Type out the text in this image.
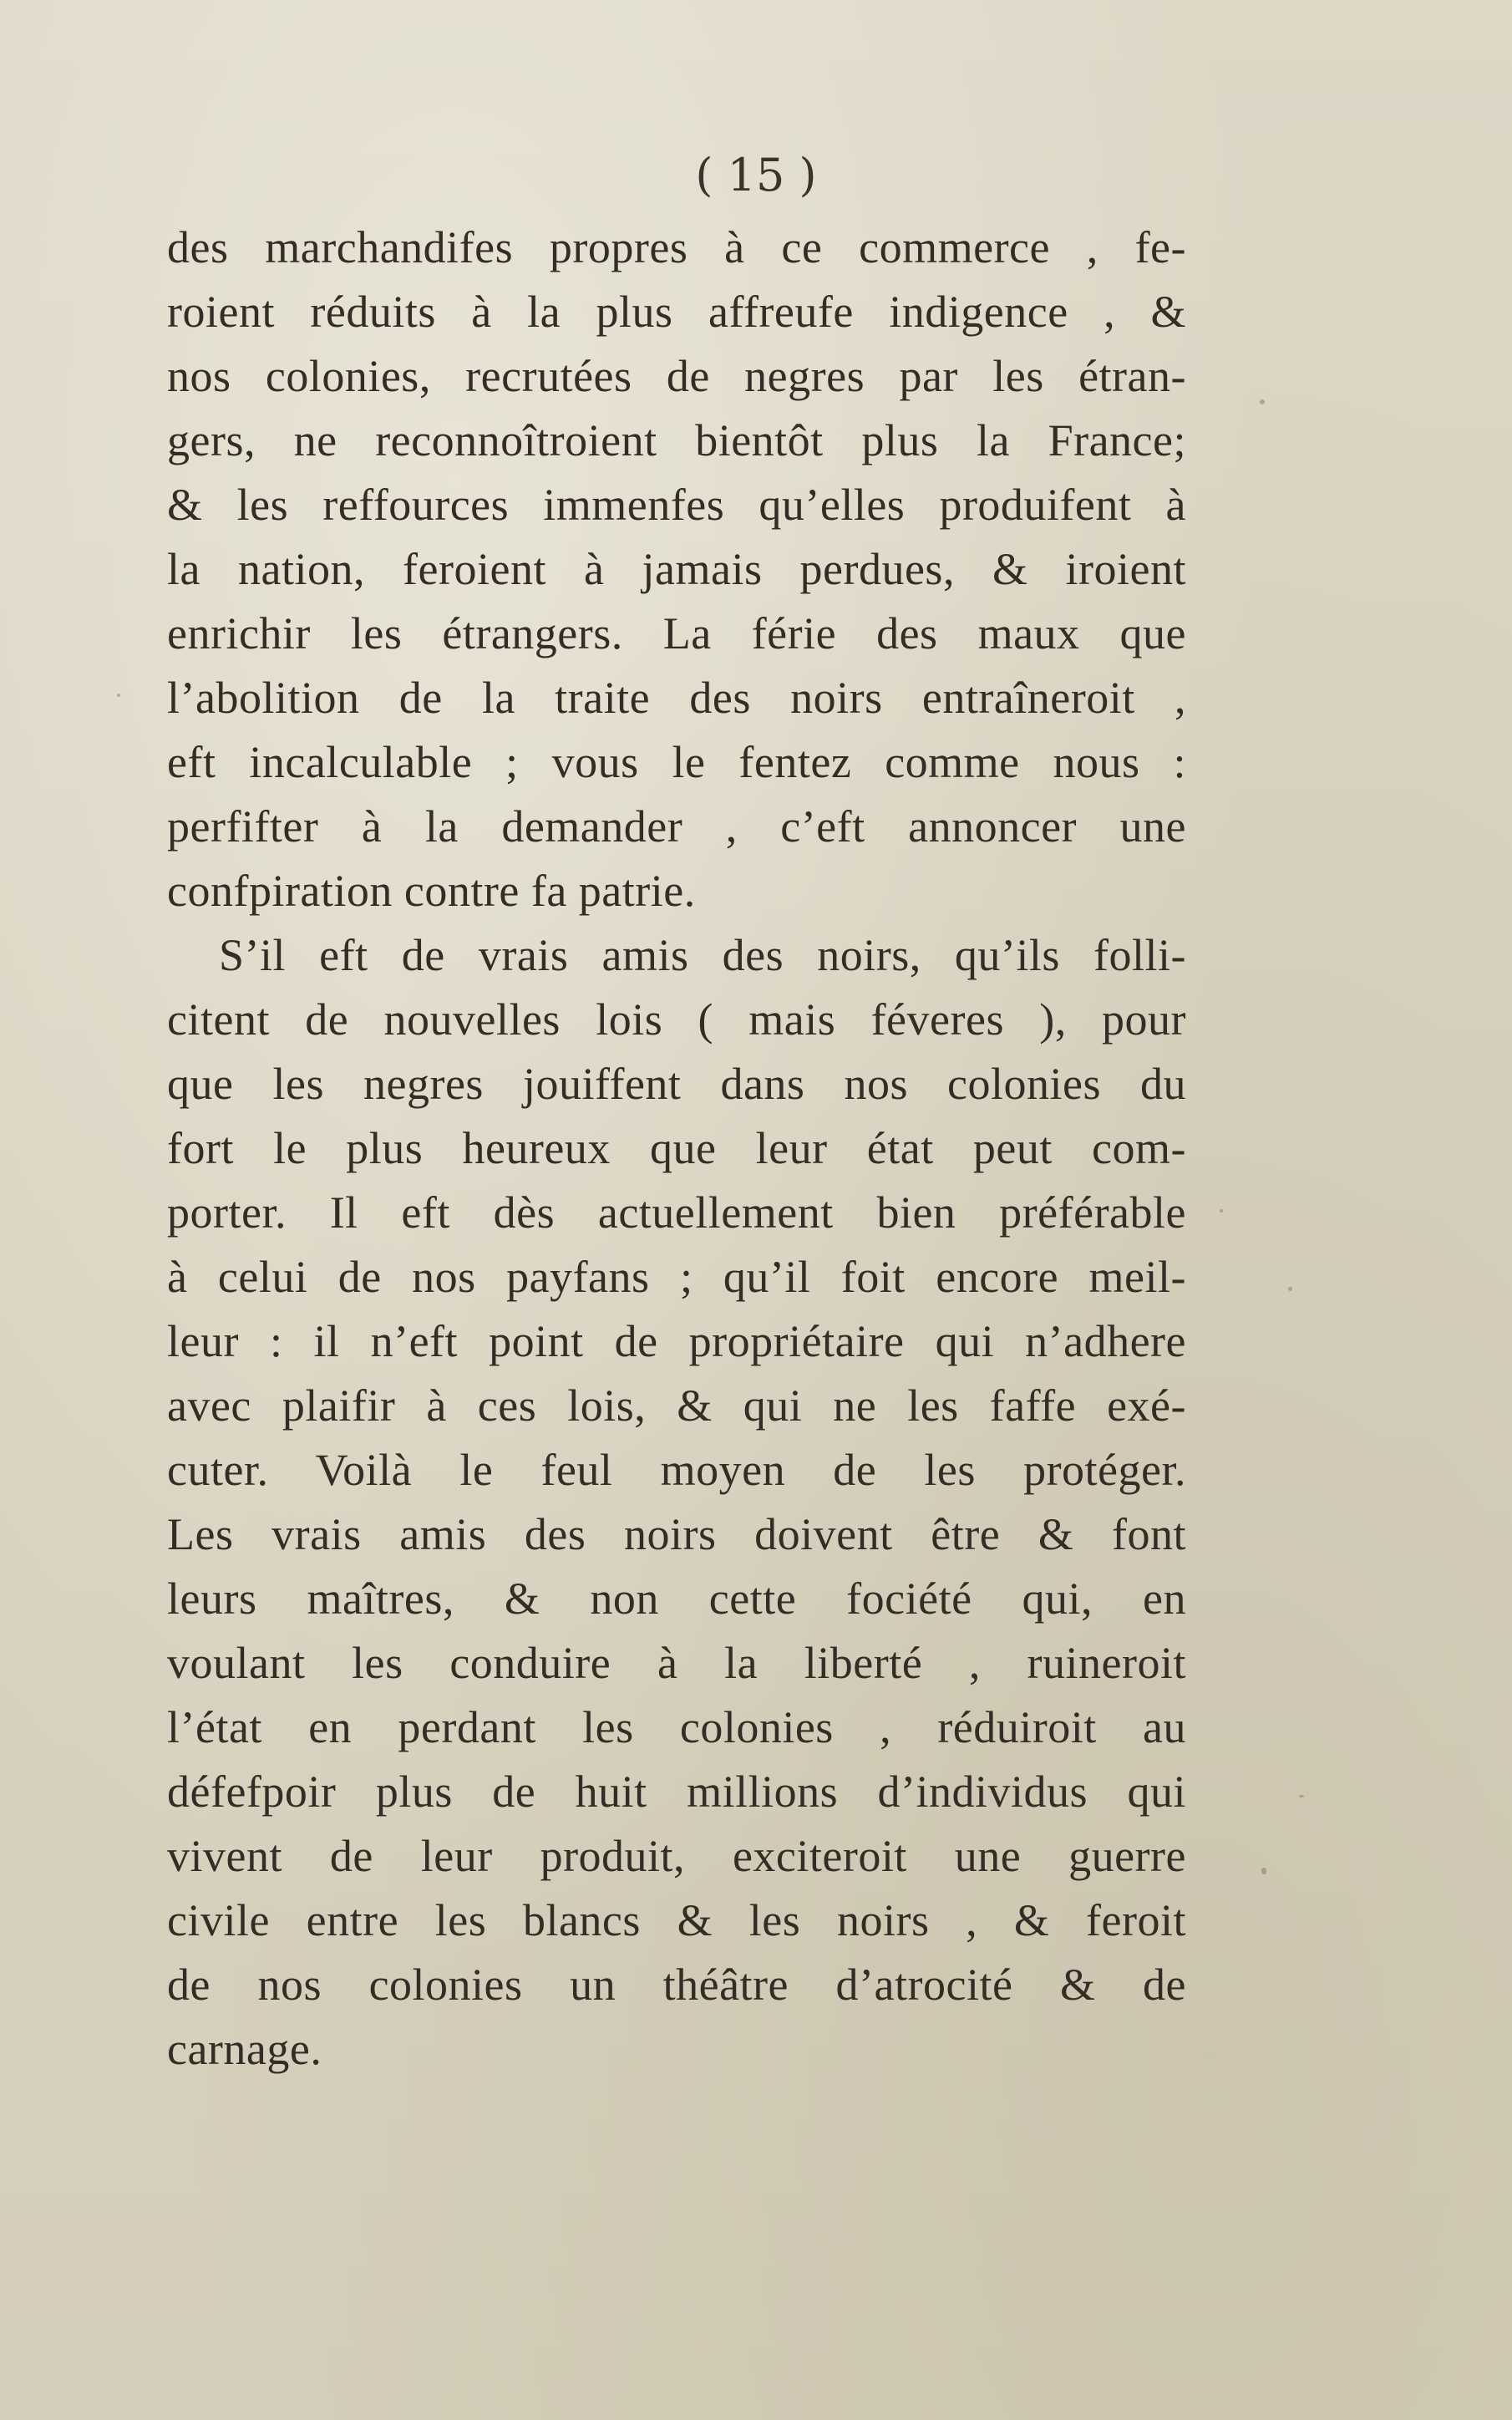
( 15 )
des marchandifes propres à ce commerce , fe-
roient réduits à la plus affreufe indigence , &
nos colonies, recrutées de negres par les étran-
gers, ne reconnoîtroient bientôt plus la France;
& les reffources immenfes qu’elles produifent à
la nation, feroient à jamais perdues, & iroient
enrichir les étrangers. La férie des maux que
l’abolition de la traite des noirs entraîneroit ,
eft incalculable ; vous le fentez comme nous :
perfifter à la demander , c’eft annoncer une
confpiration contre fa patrie.
S’il eft de vrais amis des noirs, qu’ils folli-
citent de nouvelles lois ( mais féveres ), pour
que les negres jouiffent dans nos colonies du
fort le plus heureux que leur état peut com-
porter. Il eft dès actuellement bien préférable
à celui de nos payfans ; qu’il foit encore meil-
leur : il n’eft point de propriétaire qui n’adhere
avec plaifir à ces lois, & qui ne les faffe exé-
cuter. Voilà le feul moyen de les protéger.
Les vrais amis des noirs doivent être & font
leurs maîtres, & non cette fociété qui, en
voulant les conduire à la liberté , ruineroit
l’état en perdant les colonies , réduiroit au
défefpoir plus de huit millions d’individus qui
vivent de leur produit, exciteroit une guerre
civile entre les blancs & les noirs , & feroit
de nos colonies un théâtre d’atrocité & de
carnage.
